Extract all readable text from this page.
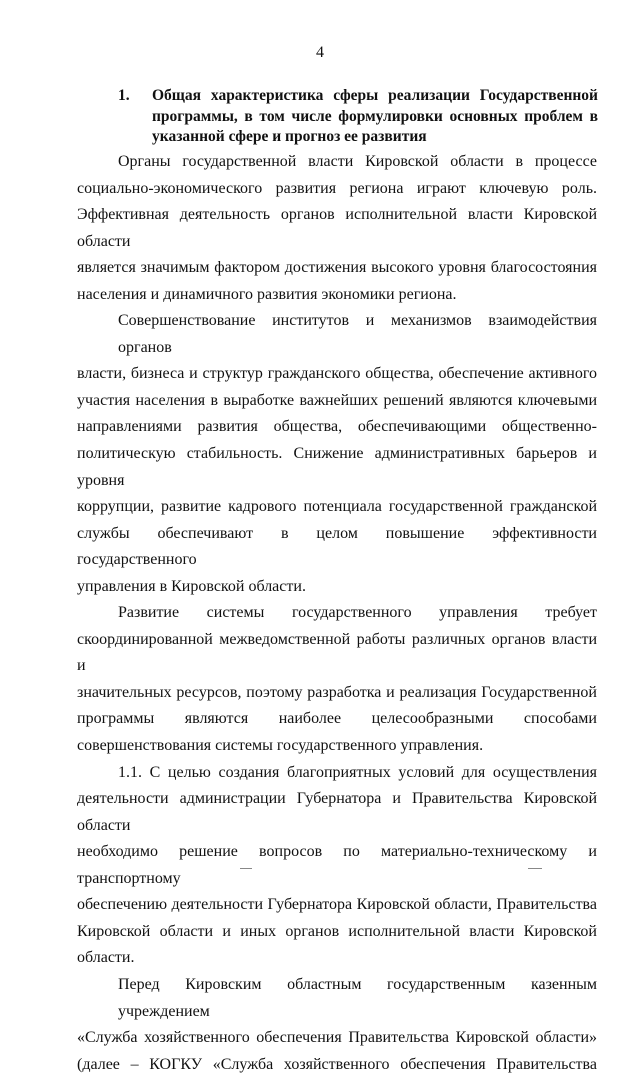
4
1. Общая характеристика сферы реализации Государственной
программы, в том числе формулировки основных проблем в
указанной сфере и прогноз ее развития
Органы государственной власти Кировской области в процессе
социально-экономического развития региона играют ключевую роль.
Эффективная деятельность органов исполнительной власти Кировской области
является значимым фактором достижения высокого уровня благосостояния
населения и динамичного развития экономики региона.
Совершенствование институтов и механизмов взаимодействия органов
власти, бизнеса и структур гражданского общества, обеспечение активного
участия населения в выработке важнейших решений являются ключевыми
направлениями развития общества, обеспечивающими общественно-
политическую стабильность. Снижение административных барьеров и уровня
коррупции, развитие кадрового потенциала государственной гражданской
службы обеспечивают в целом повышение эффективности государственного
управления в Кировской области.
Развитие системы государственного управления требует
скоординированной межведомственной работы различных органов власти и
значительных ресурсов, поэтому разработка и реализация Государственной
программы являются наиболее целесообразными способами
совершенствования системы государственного управления.
1.1. С целью создания благоприятных условий для осуществления
деятельности администрации Губернатора и Правительства Кировской области
необходимо решение вопросов по материально-техническому и транспортному
обеспечению деятельности Губернатора Кировской области, Правительства
Кировской области и иных органов исполнительной власти Кировской
области.
Перед Кировским областным государственным казенным учреждением
«Служба хозяйственного обеспечения Правительства Кировской области»
(далее – КОГКУ «Служба хозяйственного обеспечения Правительства
